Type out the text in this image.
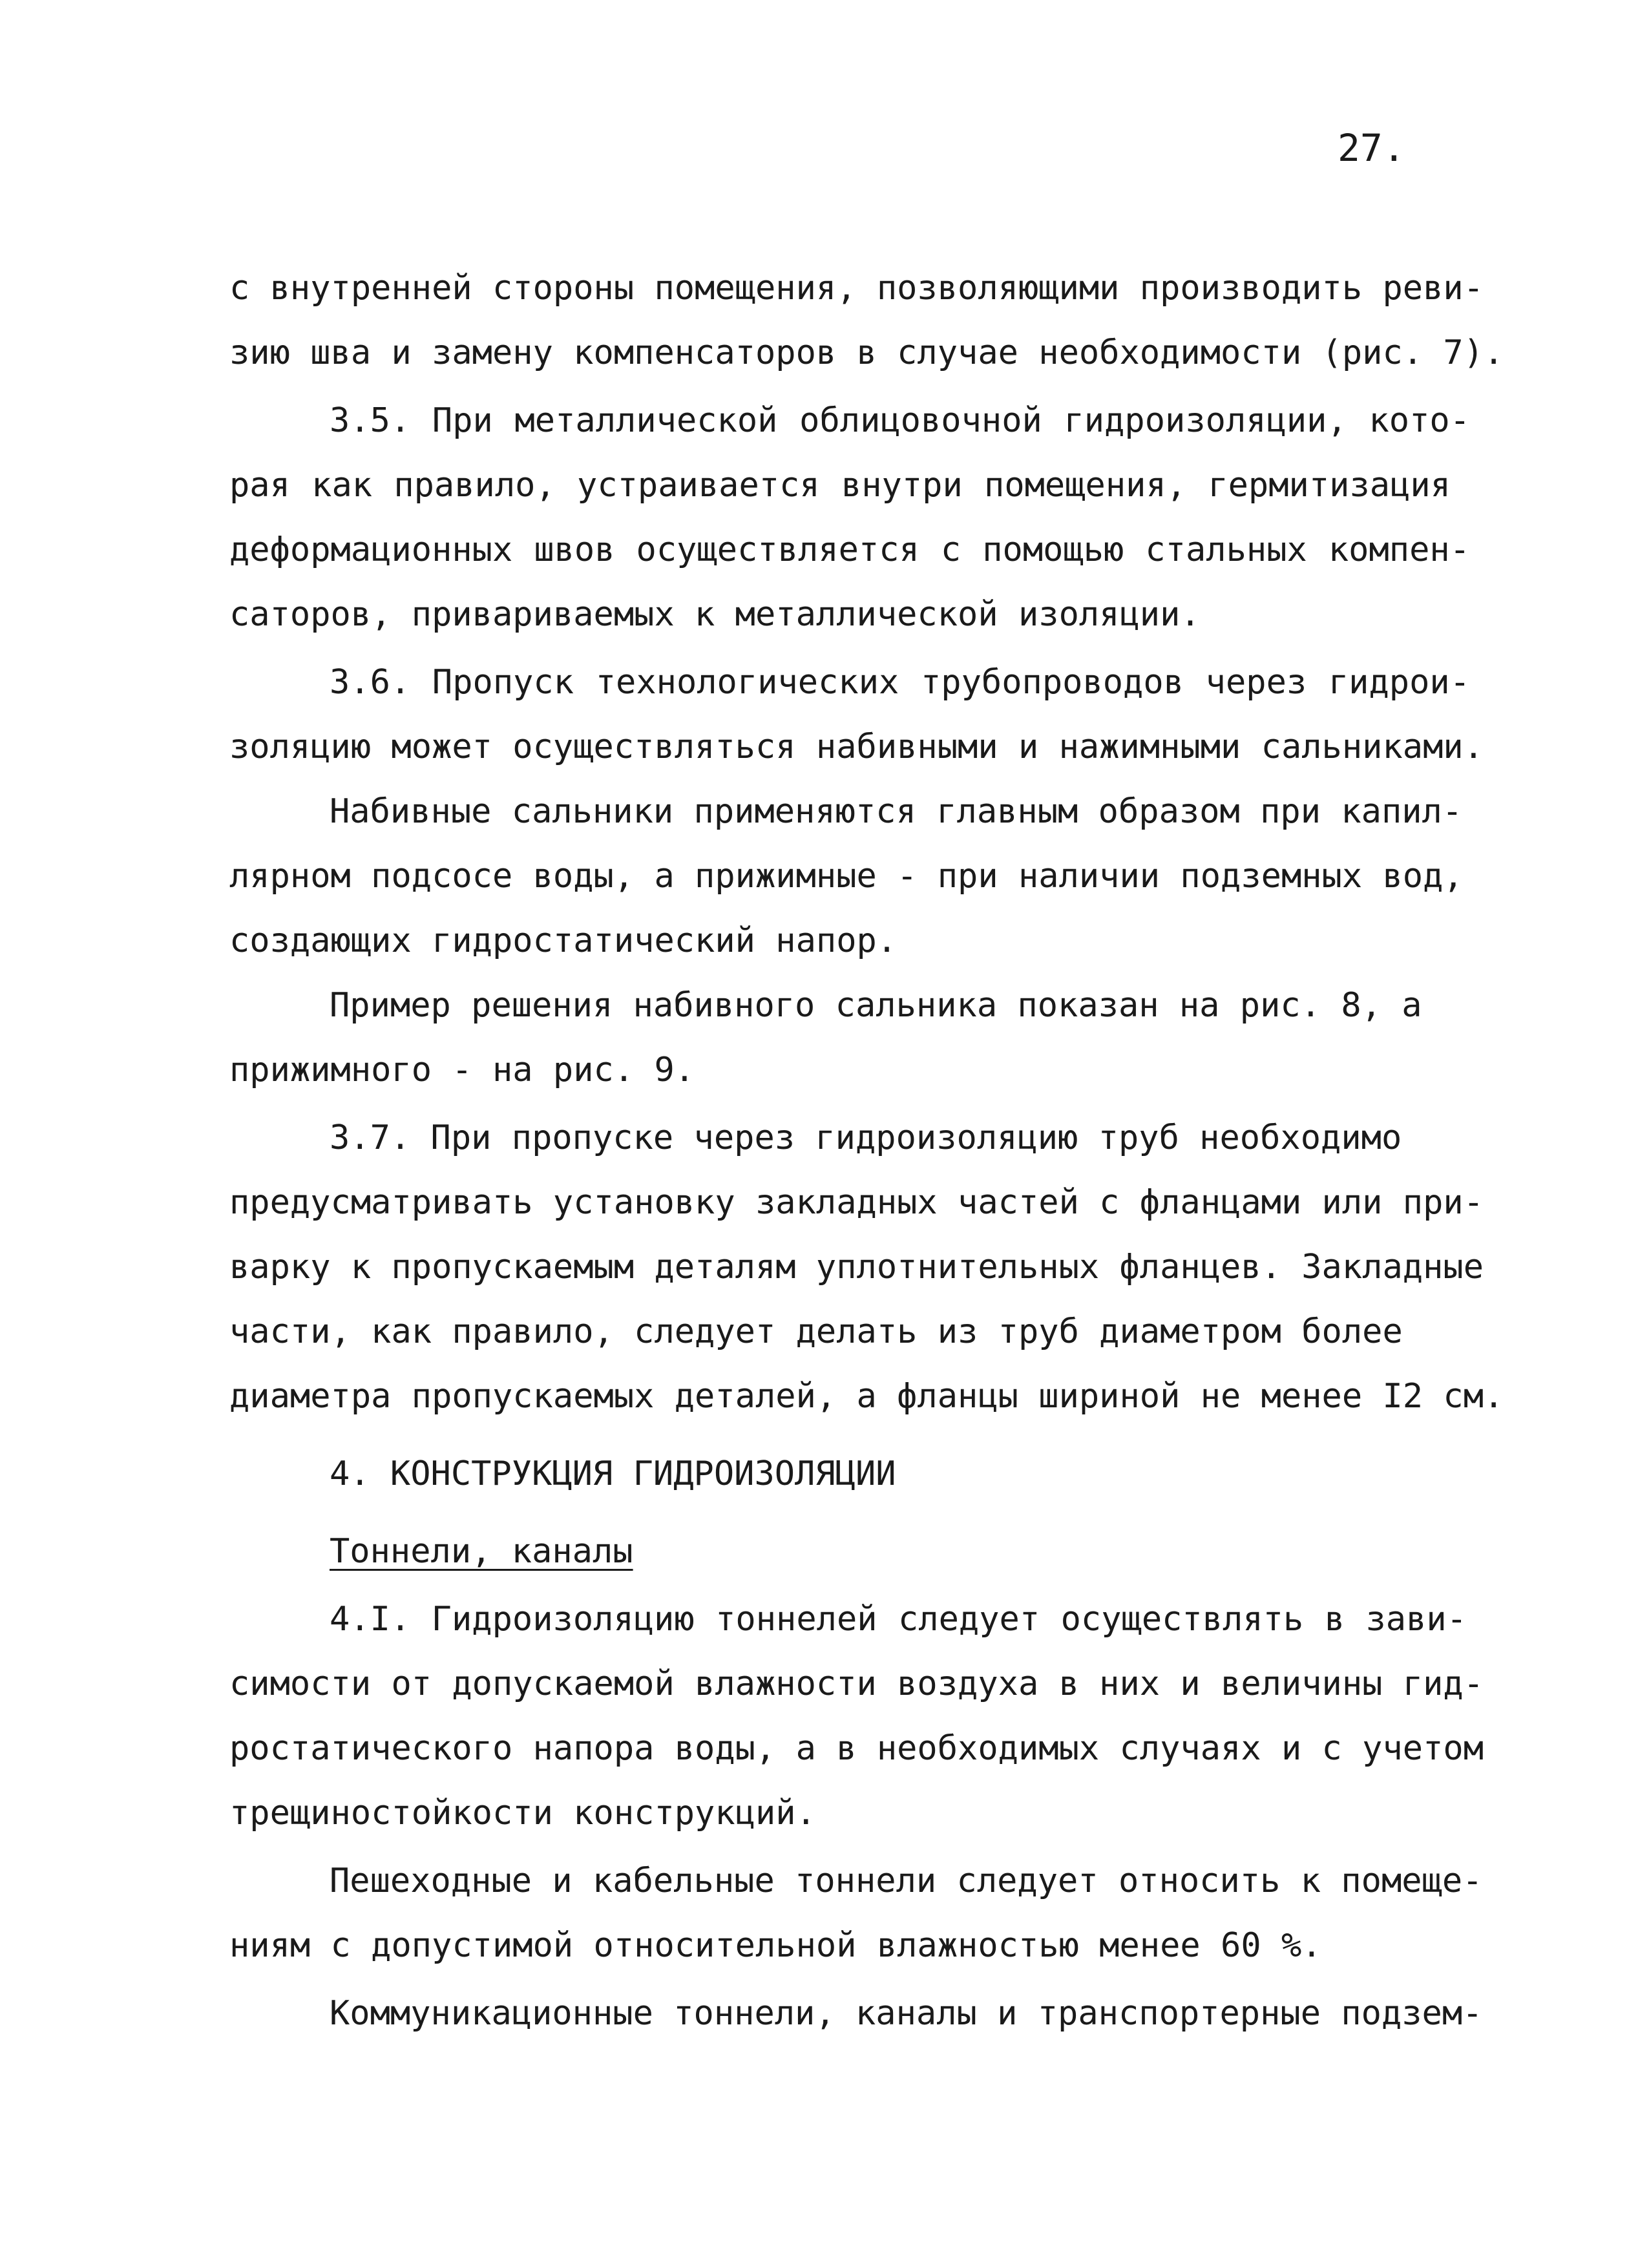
27.
с внутренней стороны помещения, позволяющими производить реви-
зию шва и замену компенсаторов в случае необходимости (рис. 7).
3.5. При металлической облицовочной гидроизоляции, кото-
рая как правило, устраивается внутри помещения, гермитизация
деформационных швов осуществляется с помощью стальных компен-
саторов, привариваемых к металлической изоляции.
3.6. Пропуск технологических трубопроводов через гидрои-
золяцию может осуществляться набивными и нажимными сальниками.
Набивные сальники применяются главным образом при капил-
лярном подсосе воды, а прижимные - при наличии подземных вод,
создающих гидростатический напор.
Пример решения набивного сальника показан на рис. 8, а
прижимного - на рис. 9.
3.7. При пропуске через гидроизоляцию труб необходимо
предусматривать установку закладных частей с фланцами или при-
варку к пропускаемым деталям уплотнительных фланцев. Закладные
части, как правило, следует делать из труб диаметром более
диаметра пропускаемых деталей, а фланцы шириной не менее I2 см.
4. КОНСТРУКЦИЯ ГИДРОИЗОЛЯЦИИ
Тоннели, каналы
4.I. Гидроизоляцию тоннелей следует осуществлять в зави-
симости от допускаемой влажности воздуха в них и величины гид-
ростатического напора воды, а в необходимых случаях и с учетом
трещиностойкости конструкций.
Пешеходные и кабельные тоннели следует относить к помеще-
ниям с допустимой относительной влажностью менее 60 %.
Коммуникационные тоннели, каналы и транспортерные подзем-
